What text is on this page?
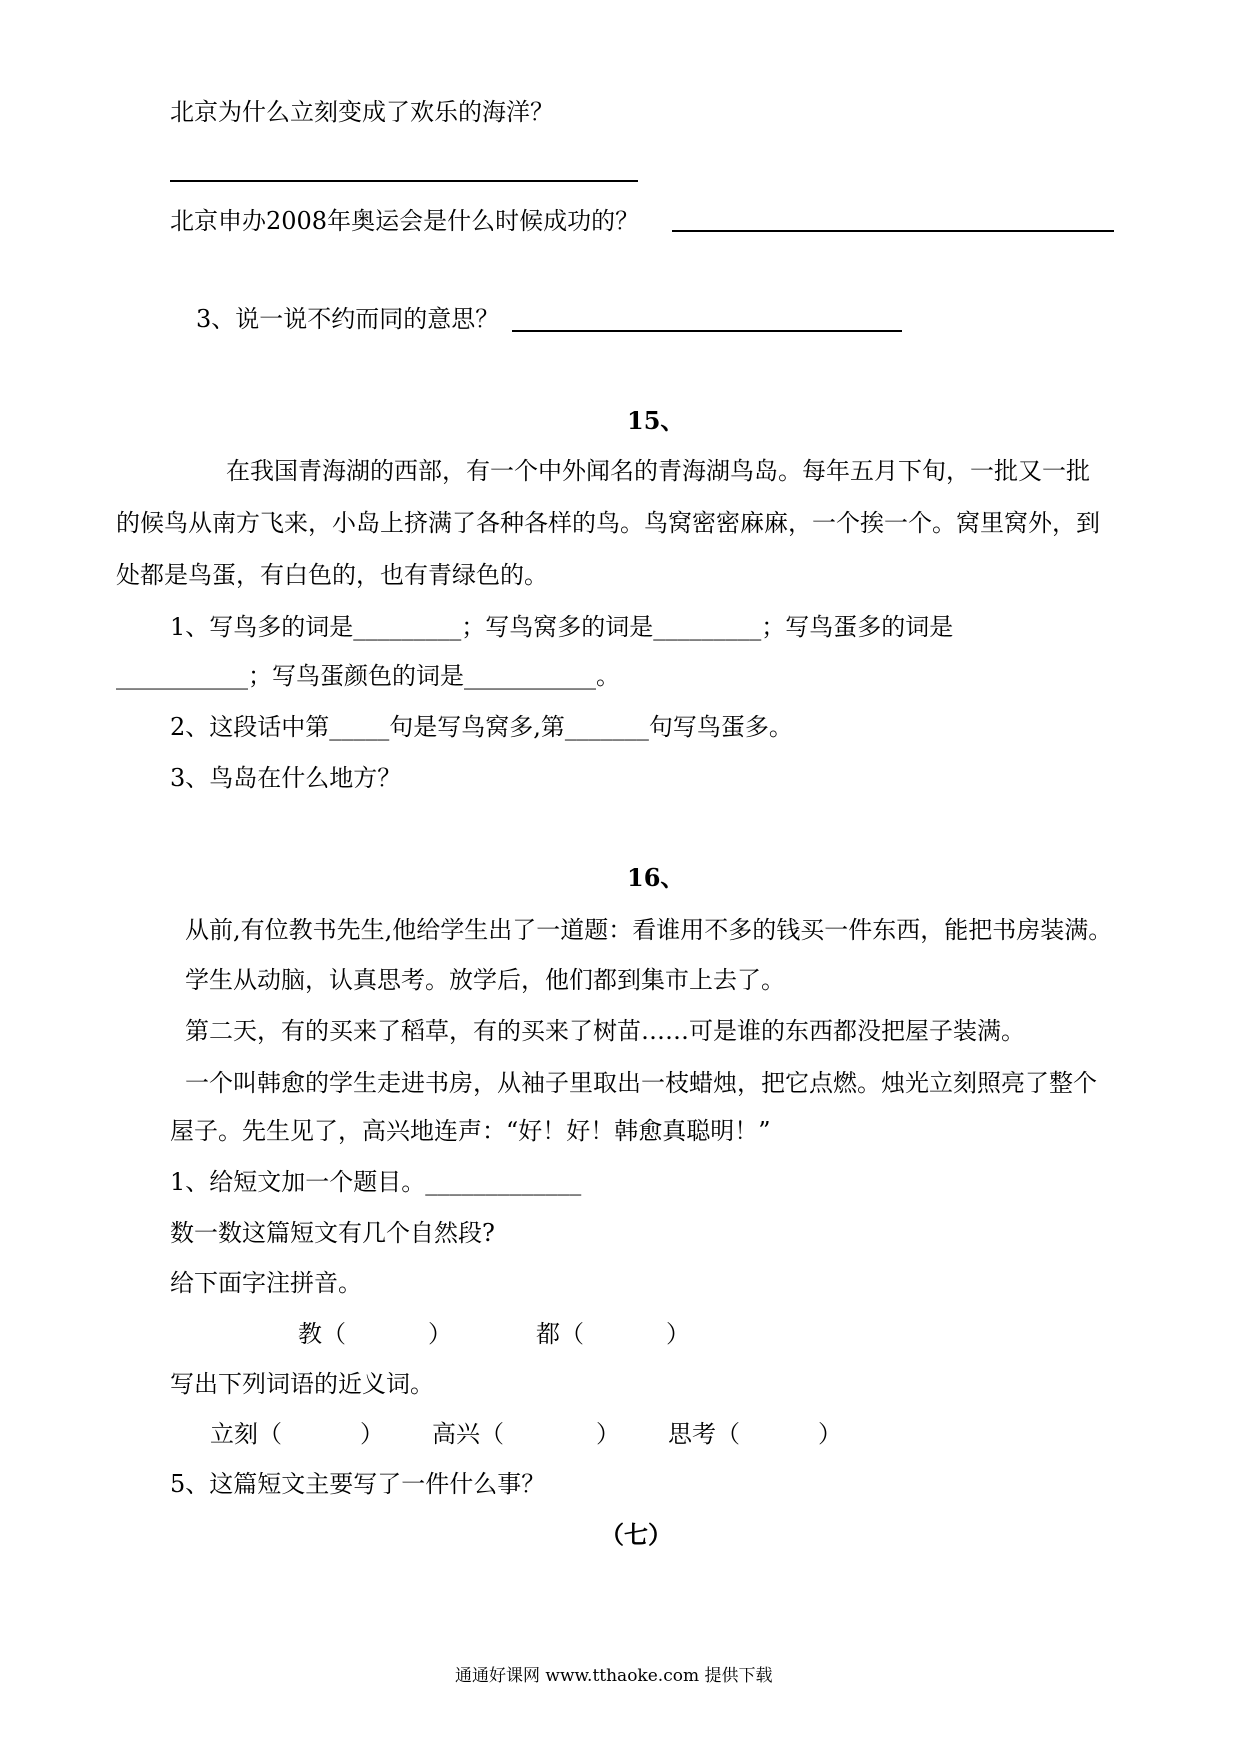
北京为什么立刻变成了欢乐的海洋？
北京申办2008年奥运会是什么时候成功的？
3、说一说不约而同的意思？
15、
在我国青海湖的西部，有一个中外闻名的青海湖鸟岛。每年五月下旬，一批又一批
的候鸟从南方飞来，小岛上挤满了各种各样的鸟。鸟窝密密麻麻，一个挨一个。窝里窝外，到
处都是鸟蛋，有白色的，也有青绿色的。
1、写鸟多的词是_________；写鸟窝多的词是_________；写鸟蛋多的词是
___________；写鸟蛋颜色的词是___________。
2、这段话中第_____句是写鸟窝多,第_______句写鸟蛋多。
3、鸟岛在什么地方？
16、
从前,有位教书先生,他给学生出了一道题：看谁用不多的钱买一件东西，能把书房装满。
学生从动脑，认真思考。放学后，他们都到集市上去了。
第二天，有的买来了稻草，有的买来了树苗……可是谁的东西都没把屋子装满。
一个叫韩愈的学生走进书房，从袖子里取出一枝蜡烛，把它点燃。烛光立刻照亮了整个
屋子。先生见了，高兴地连声：“好！好！韩愈真聪明！”
1、给短文加一个题目。_____________
数一数这篇短文有几个自然段?
给下面字注拼音。
教（	）	都（	）
写出下列词语的近义词。
立刻（	） 高兴（	） 思考（	）
5、这篇短文主要写了一件什么事？
（七）
通通好课网 www.tthaoke.com 提供下载
